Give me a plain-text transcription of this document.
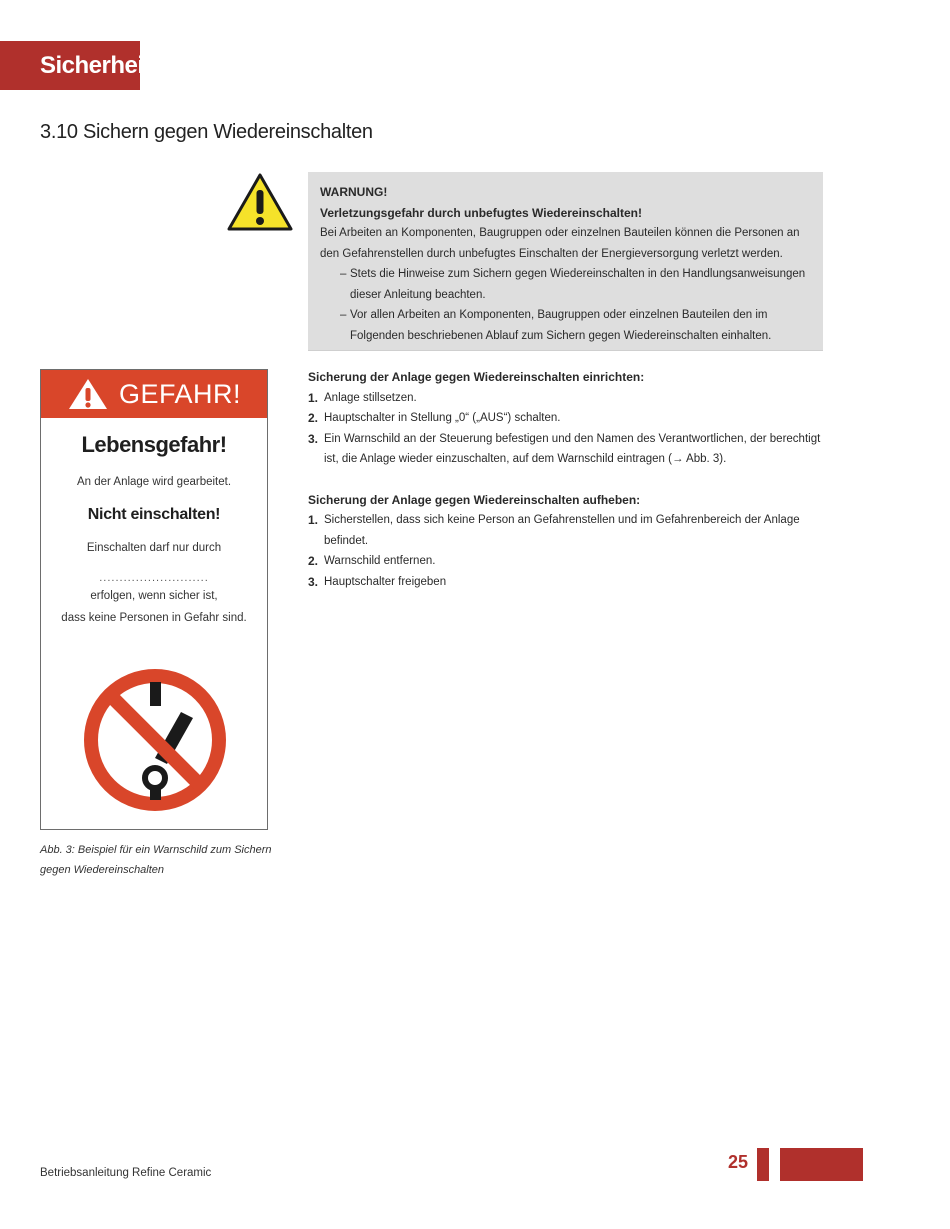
Sicherheit
3.10 Sichern gegen Wiedereinschalten
WARNUNG!
Verletzungsgefahr durch unbefugtes Wiedereinschalten!
Bei Arbeiten an Komponenten, Baugruppen oder einzelnen Bauteilen können die Personen an den Gefahrenstellen durch unbefugtes Einschalten der Energieversorgung verletzt werden.
– Stets die Hinweise zum Sichern gegen Wiedereinschalten in den Handlungsanweisungen dieser Anleitung beachten.
– Vor allen Arbeiten an Komponenten, Baugruppen oder einzelnen Bauteilen den im Folgenden beschriebenen Ablauf zum Sichern gegen Wiedereinschalten einhalten.
GEFAHR!
Lebensgefahr!
An der Anlage wird gearbeitet.
Nicht einschalten!
Einschalten darf nur durch
...........................
erfolgen, wenn sicher ist,
dass keine Personen in Gefahr sind.
Abb. 3: Beispiel für ein Warnschild zum Sichern gegen Wiedereinschalten
Sicherung der Anlage gegen Wiedereinschalten einrichten:
1. Anlage stillsetzen.
2. Hauptschalter in Stellung „0“ („AUS“) schalten.
3. Ein Warnschild an der Steuerung befestigen und den Namen des Verantwortlichen, der berechtigt ist, die Anlage wieder einzuschalten, auf dem Warnschild eintragen (→ Abb. 3).
Sicherung der Anlage gegen Wiedereinschalten aufheben:
1. Sicherstellen, dass sich keine Person an Gefahrenstellen und im Gefahrenbereich der Anlage befindet.
2. Warnschild entfernen.
3. Hauptschalter freigeben
Betriebsanleitung Refine Ceramic
25
